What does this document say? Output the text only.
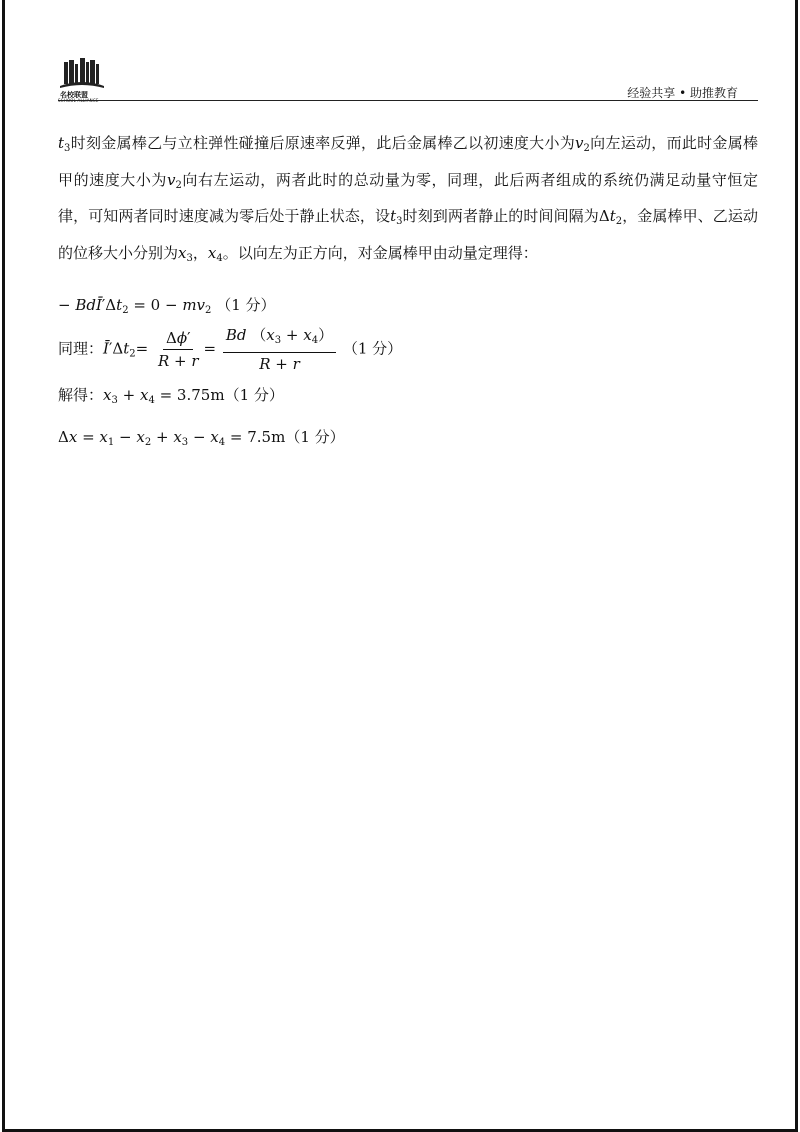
名校联盟	经验共享 • 助推教育

$t_3$时刻金属棒乙与立柱弹性碰撞后原速率反弹，此后金属棒乙以初速度大小为$v_2$向左运动，而此时金属棒甲的速度大小为$v_2$向右左运动，两者此时的总动量为零，同理，此后两者组成的系统仍满足动量守恒定律，可知两者同时速度减为零后处于静止状态，设$t_3$时刻到两者静止的时间间隔为$\Delta t_2$，金属棒甲、乙运动的位移大小分别为$x_3$，$x_4$。以向左为正方向，对金属棒甲由动量定理得：

− $BdĪ'\Delta t_2 = 0 - mv_2$ （1 分）
同理：$Ī'\Delta t_2= \frac{\Delta\phi'}{R + r} = \frac{Bd (x_3 + x_4)}{R + r} (1$ 分）
解得：$x_3 + x_4 = 3.75m(1$ 分）
$\Delta x = x_1 - x_2 + x_3 - x_4 = 7.5m(1$ 分）
